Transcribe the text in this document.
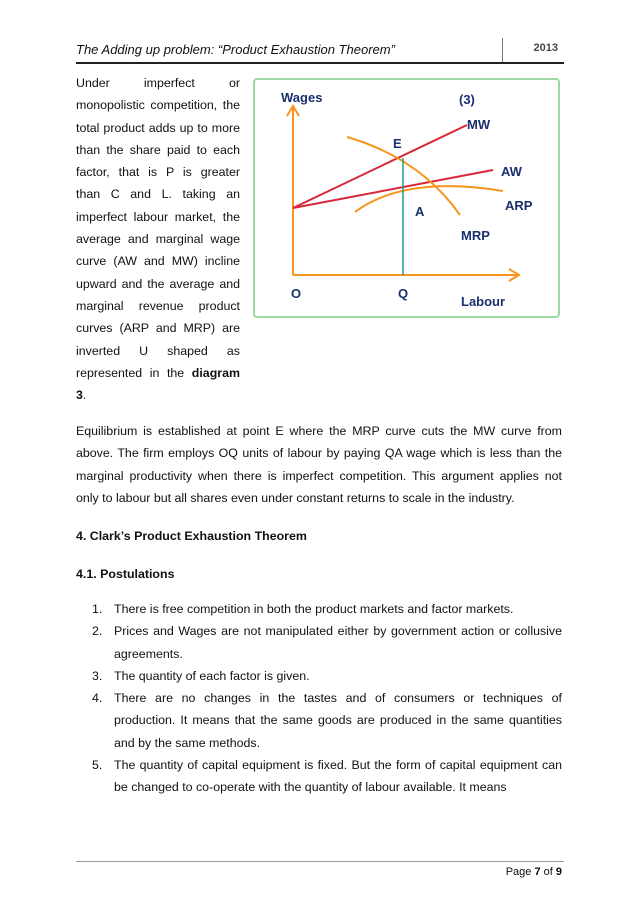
The Adding up problem: “Product Exhaustion Theorem”	2013
Under imperfect or monopolistic competition, the total product adds up to more than the share paid to each factor, that is P is greater than C and L. taking an imperfect labour market, the average and marginal wage curve (AW and MW) incline upward and the average and marginal revenue product curves (ARP and MRP) are inverted U shaped as represented in the diagram 3.
Wages	(3)
MW
E
AW
ARP
A
MRP
O	Q
Labour
Equilibrium is established at point E where the MRP curve cuts the MW curve from above. The firm employs OQ units of labour by paying QA wage which is less than the marginal productivity when there is imperfect competition. This argument applies not only to labour but all shares even under constant returns to scale in the industry.
4. Clark’s Product Exhaustion Theorem
4.1. Postulations
1. There is free competition in both the product markets and factor markets.
2. Prices and Wages are not manipulated either by government action or collusive agreements.
3. The quantity of each factor is given.
4. There are no changes in the tastes and of consumers or techniques of production. It means that the same goods are produced in the same quantities and by the same methods.
5. The quantity of capital equipment is fixed. But the form of capital equipment can be changed to co-operate with the quantity of labour available. It means
Page 7 of 9
